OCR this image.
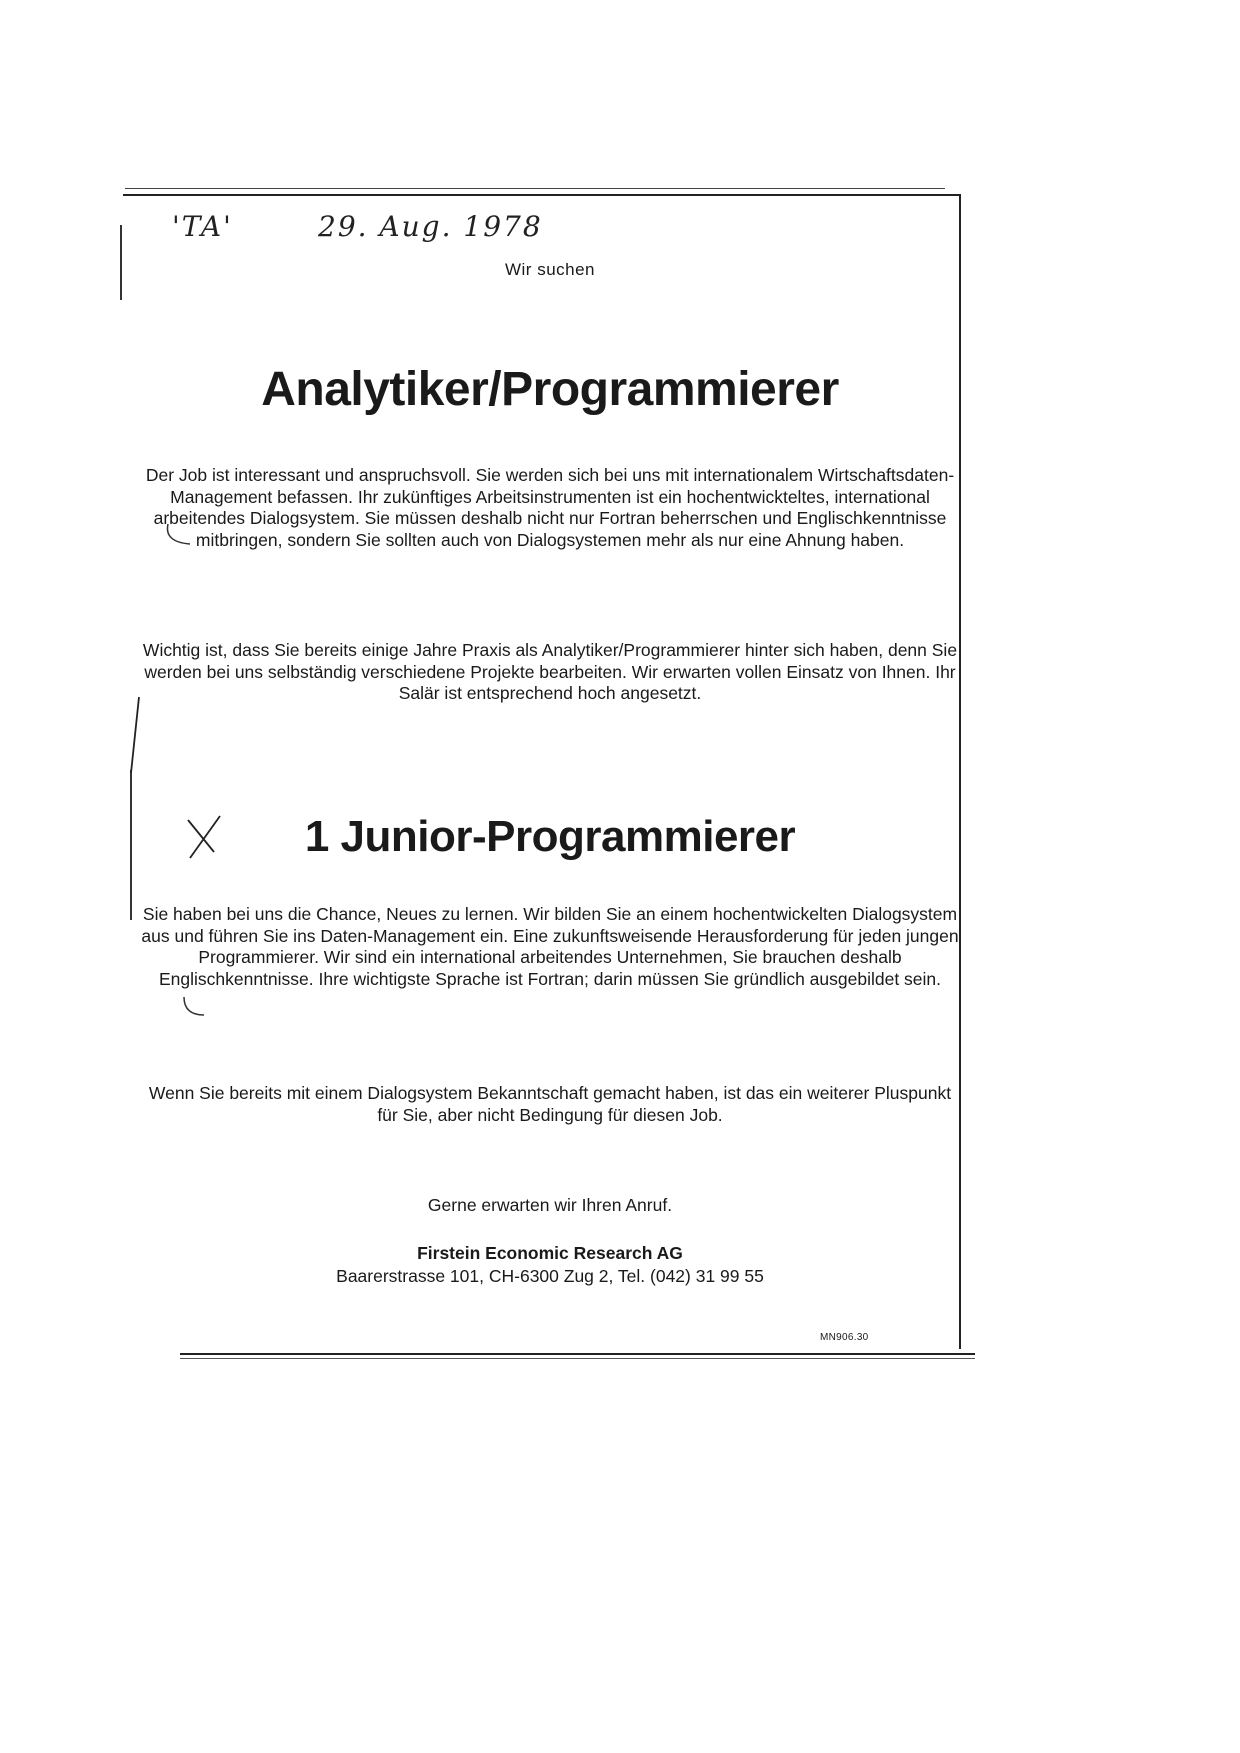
'TA'	29. Aug. 1978
Wir suchen
Analytiker/Programmierer
Der Job ist interessant und anspruchsvoll. Sie werden sich bei uns mit internationalem Wirtschaftsdaten-Management befassen. Ihr zukünftiges Arbeitsinstrumenten ist ein hochentwickteltes, international arbeitendes Dialogsystem. Sie müssen deshalb nicht nur Fortran beherrschen und Englischkenntnisse mitbringen, sondern Sie sollten auch von Dialogsystemen mehr als nur eine Ahnung haben.
Wichtig ist, dass Sie bereits einige Jahre Praxis als Analytiker/Programmierer hinter sich haben, denn Sie werden bei uns selbständig verschiedene Projekte bearbeiten. Wir erwarten vollen Einsatz von Ihnen. Ihr Salär ist entsprechend hoch angesetzt.
1 Junior-Programmierer
Sie haben bei uns die Chance, Neues zu lernen. Wir bilden Sie an einem hochentwickelten Dialogsystem aus und führen Sie ins Daten-Management ein. Eine zukunftsweisende Herausforderung für jeden jungen Programmierer. Wir sind ein international arbeitendes Unternehmen, Sie brauchen deshalb Englischkenntnisse. Ihre wichtigste Sprache ist Fortran; darin müssen Sie gründlich ausgebildet sein.
Wenn Sie bereits mit einem Dialogsystem Bekanntschaft gemacht haben, ist das ein weiterer Pluspunkt für Sie, aber nicht Bedingung für diesen Job.
Gerne erwarten wir Ihren Anruf.
Firstein Economic Research AG
Baarerstrasse 101, CH-6300 Zug 2, Tel. (042) 31 99 55
MN906.30
